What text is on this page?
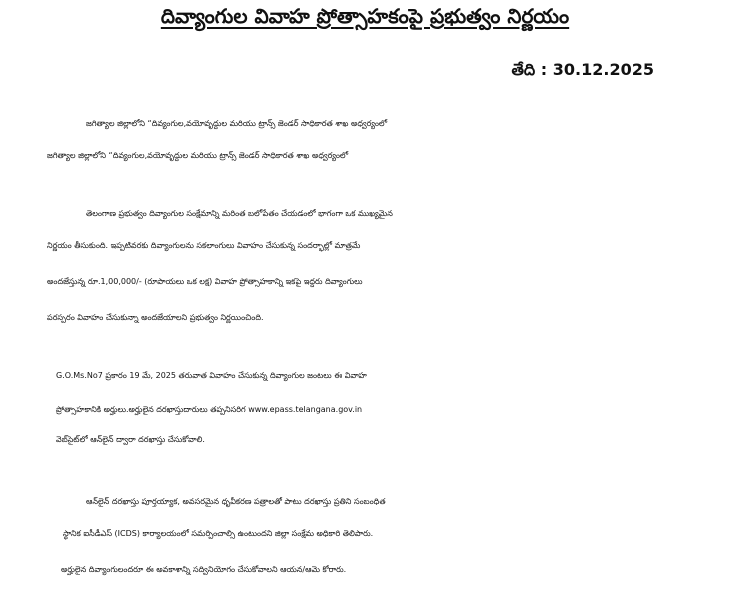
దివ్యాంగుల వివాహ ప్రోత్సాహకంపై ప్రభుత్వం నిర్ణయం
తేది : 30.12.2025
జగిత్యాల జిల్లాలోని “దివ్యంగుల,వయోవృద్దుల మరియు ట్రాన్స్ జెండర్ సాధికారత శాఖ అధ్వర్యంలో
జగిత్యాల జిల్లాలోని “దివ్యంగుల,వయోవృద్దుల మరియు ట్రాన్స్ జెండర్ సాధికారత శాఖ అధ్వర్యంలో
తెలంగాణ ప్రభుత్వం దివ్యాంగుల సంక్షేమాన్ని మరింత బలోపేతం చేయడంలో భాగంగా ఒక ముఖ్యమైన
నిర్ణయం తీసుకుంది. ఇప్పటివరకు దివ్యాంగులను సకలాంగులు వివాహం చేసుకున్న సందర్భాల్లో మాత్రమే
అందజేస్తున్న రూ.1,00,000/- (రూపాయలు ఒక లక్ష) వివాహ ప్రోత్సాహకాన్ని ఇకపై ఇద్దరు దివ్యాంగులు
పరస్పరం వివాహం చేసుకున్నా అందజేయాలని ప్రభుత్వం నిర్ణయించింది.
G.O.Ms.No7 ప్రకారం 19 మే, 2025 తరువాత వివాహం చేసుకున్న దివ్యాంగుల జంటలు ఈ వివాహ
ప్రోత్సాహకానికి అర్హులు.అర్హులైన దరఖాస్తుదారులు తప్పనిసరిగ www.epass.telangana.gov.in
వెబ్‌సైట్‌లో ఆన్‌లైన్ ద్వారా దరఖాస్తు చేసుకోవాలి.
ఆన్‌లైన్ దరఖాస్తు పూర్తయ్యాక, అవసరమైన ధృవీకరణ పత్రాలతో పాటు దరఖాస్తు ప్రతిని సంబంధిత
స్థానిక ఐసీడీఎస్ (ICDS) కార్యాలయంలో సమర్పించాల్సి ఉంటుందని జిల్లా సంక్షేమ అధికారి తెలిపారు.
అర్హులైన దివ్యాంగులందరూ ఈ అవకాశాన్ని సద్వినియోగం చేసుకోవాలని ఆయన/ఆమె కోరారు.
